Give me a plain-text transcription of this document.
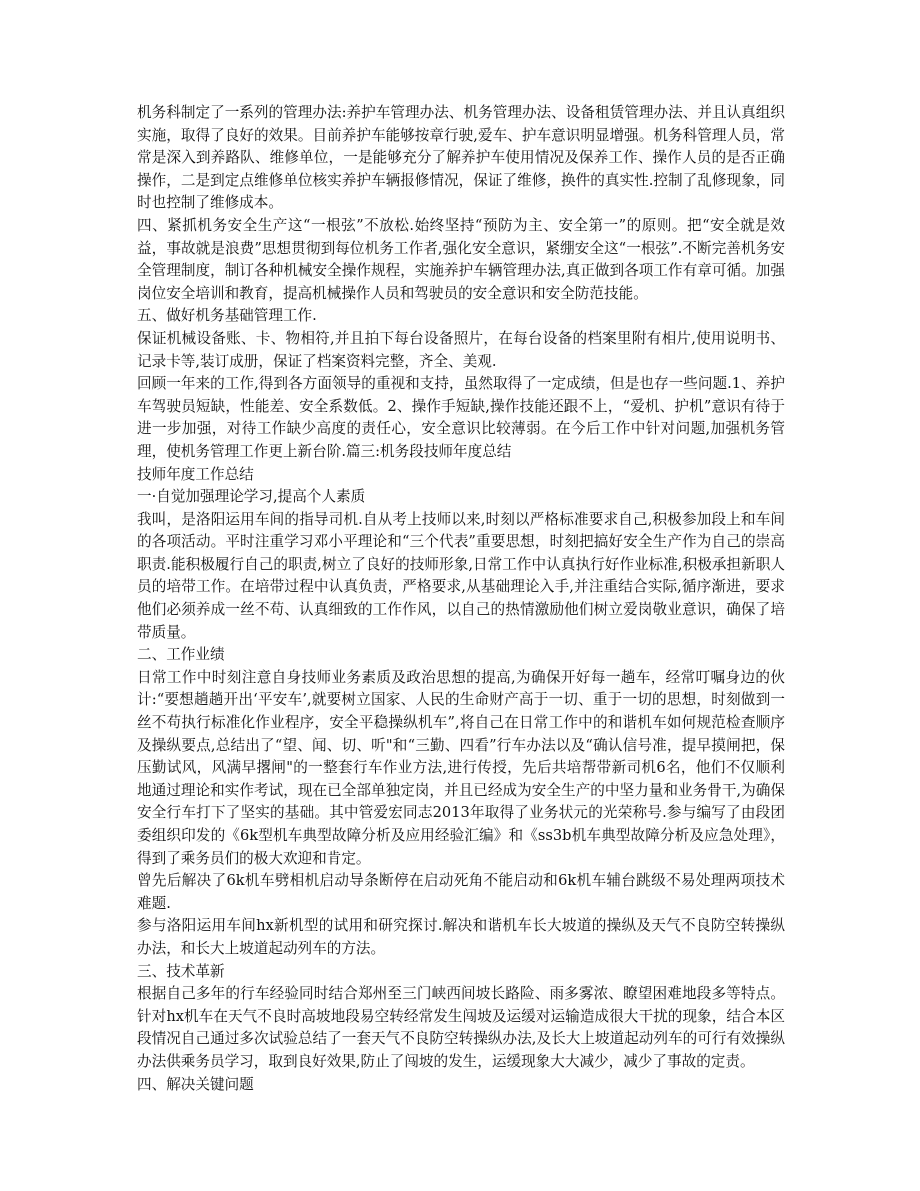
机务科制定了一系列的管理办法:养护车管理办法、机务管理办法、设备租赁管理办法、并且认真组织实施，取得了良好的效果。目前养护车能够按章行驶,爱车、护车意识明显增强。机务科管理人员，常常是深入到养路队、维修单位，一是能够充分了解养护车使用情况及保养工作、操作人员的是否正确操作，二是到定点维修单位核实养护车辆报修情况，保证了维修，换件的真实性.控制了乱修现象，同时也控制了维修成本。

四、紧抓机务安全生产这“一根弦”不放松.始终坚持“预防为主、安全第一”的原则。把“安全就是效益，事故就是浪费”思想贯彻到每位机务工作者,强化安全意识，紧绷安全这“一根弦”.不断完善机务安全管理制度，制订各种机械安全操作规程，实施养护车辆管理办法,真正做到各项工作有章可循。加强岗位安全培训和教育，提高机械操作人员和驾驶员的安全意识和安全防范技能。

五、做好机务基础管理工作.

保证机械设备账、卡、物相符,并且拍下每台设备照片，在每台设备的档案里附有相片,使用说明书、记录卡等,装订成册，保证了档案资料完整，齐全、美观.

回顾一年来的工作,得到各方面领导的重视和支持，虽然取得了一定成绩，但是也存一些问题.1、养护车驾驶员短缺，性能差、安全系数低。2、操作手短缺,操作技能还跟不上，“爱机、护机”意识有待于进一步加强，对待工作缺少高度的责任心，安全意识比较薄弱。在今后工作中针对问题,加强机务管理，使机务管理工作更上新台阶.篇三:机务段技师年度总结

技师年度工作总结

一·自觉加强理论学习,提高个人素质

我叫，是洛阳运用车间的指导司机.自从考上技师以来,时刻以严格标准要求自己,积极参加段上和车间的各项活动。平时注重学习邓小平理论和“三个代表”重要思想，时刻把搞好安全生产作为自己的崇高职责.能积极履行自己的职责,树立了良好的技师形象,日常工作中认真执行好作业标准,积极承担新职人员的培带工作。在培带过程中认真负责，严格要求,从基础理论入手,并注重结合实际,循序渐进，要求他们必须养成一丝不苟、认真细致的工作作风，以自己的热情激励他们树立爱岗敬业意识，确保了培带质量。

二、工作业绩

日常工作中时刻注意自身技师业务素质及政治思想的提高,为确保开好每一趟车，经常叮嘱身边的伙计:“要想趟趟开出‘平安车’,就要树立国家、人民的生命财产高于一切、重于一切的思想，时刻做到一丝不苟执行标准化作业程序，安全平稳操纵机车”,将自己在日常工作中的和谐机车如何规范检查顺序及操纵要点,总结出了“望、闻、切、听"和“三勤、四看”行车办法以及“确认信号准，提早摸闸把，保压勤试风，风满早撂闸"的一整套行车作业方法,进行传授，先后共培帮带新司机6名，他们不仅顺利地通过理论和实作考试，现在已全部单独定岗，并且已经成为安全生产的中坚力量和业务骨干,为确保安全行车打下了坚实的基础。其中管爱宏同志2013年取得了业务状元的光荣称号.参与编写了由段团委组织印发的《6k型机车典型故障分析及应用经验汇编》和《ss3b机车典型故障分析及应急处理》，得到了乘务员们的极大欢迎和肯定。

曾先后解决了6k机车劈相机启动导条断停在启动死角不能启动和6k机车辅台跳级不易处理两项技术难题.

参与洛阳运用车间hx新机型的试用和研究探讨.解决和谐机车长大坡道的操纵及天气不良防空转操纵办法，和长大上坡道起动列车的方法。

三、技术革新

根据自己多年的行车经验同时结合郑州至三门峡西间坡长路险、雨多雾浓、瞭望困难地段多等特点。针对hx机车在天气不良时高坡地段易空转经常发生闯坡及运缓对运输造成很大干扰的现象，结合本区段情况自己通过多次试验总结了一套天气不良防空转操纵办法,及长大上坡道起动列车的可行有效操纵办法供乘务员学习，取到良好效果,防止了闯坡的发生，运缓现象大大减少，减少了事故的定责。

四、解决关键问题
